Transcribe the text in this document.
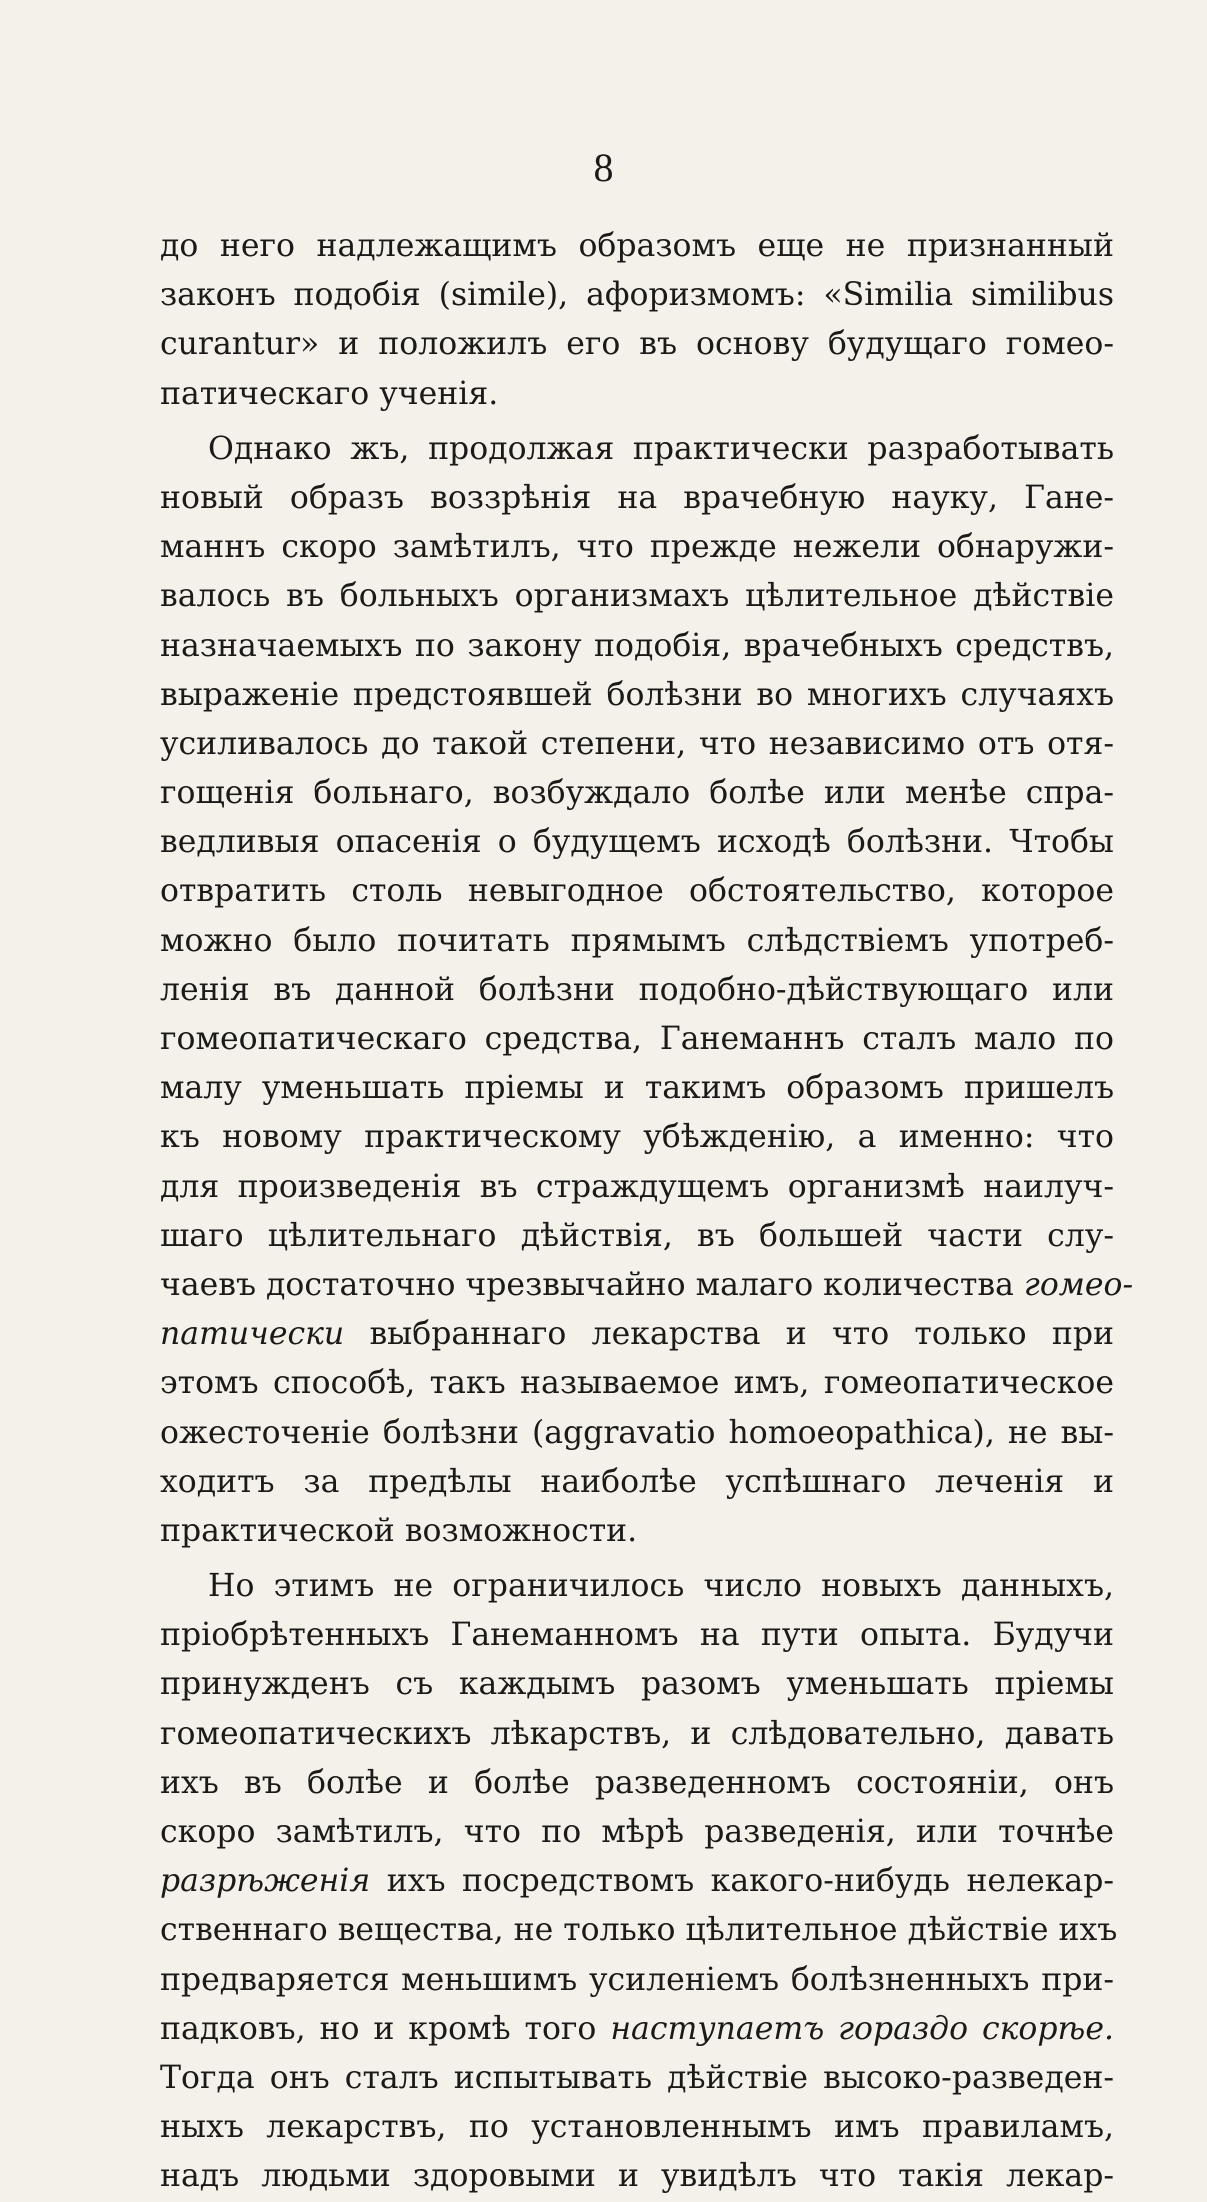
8
до него надлежащимъ образомъ еще не признанный
законъ подобія (simile), афоризмомъ: «Similia similibus
curantur» и положилъ его въ основу будущаго гомео-
патическаго ученія.
Однако жъ, продолжая практически разработывать
новый образъ воззрѣнія на врачебную науку, Гане-
маннъ скоро замѣтилъ, что прежде нежели обнаружи-
валось въ больныхъ организмахъ цѣлительное дѣйствіе
назначаемыхъ по закону подобія, врачебныхъ средствъ,
выраженіе предстоявшей болѣзни во многихъ случаяхъ
усиливалось до такой степени, что независимо отъ отя-
гощенія больнаго, возбуждало болѣе или менѣе спра-
ведливыя опасенія о будущемъ исходѣ болѣзни. Чтобы
отвратить столь невыгодное обстоятельство, которое
можно было почитать прямымъ слѣдствіемъ употреб-
ленія въ данной болѣзни подобно-дѣйствующаго или
гомеопатическаго средства, Ганеманнъ сталъ мало по
малу уменьшать пріемы и такимъ образомъ пришелъ
къ новому практическому убѣжденію, а именно: что
для произведенія въ страждущемъ организмѣ наилуч-
шаго цѣлительнаго дѣйствія, въ большей части слу-
чаевъ достаточно чрезвычайно малаго количества гомео-
патически выбраннаго лекарства и что только при
этомъ способѣ, такъ называемое имъ, гомеопатическое
ожесточеніе болѣзни (aggravatio homoeopathica), не вы-
ходитъ за предѣлы наиболѣе успѣшнаго леченія и
практической возможности.
Но этимъ не ограничилось число новыхъ данныхъ,
пріобрѣтенныхъ Ганеманномъ на пути опыта. Будучи
принужденъ съ каждымъ разомъ уменьшать пріемы
гомеопатическихъ лѣкарствъ, и слѣдовательно, давать
ихъ въ болѣе и болѣе разведенномъ состояніи, онъ
скоро замѣтилъ, что по мѣрѣ разведенія, или точнѣе
разрѣженія ихъ посредствомъ какого-нибудь нелекар-
ственнаго вещества, не только цѣлительное дѣйствіе ихъ
предваряется меньшимъ усиленіемъ болѣзненныхъ при-
падковъ, но и кромѣ того наступаетъ гораздо скорѣе.
Тогда онъ сталъ испытывать дѣйствіе высоко-разведен-
ныхъ лекарствъ, по установленнымъ имъ правиламъ,
надъ людьми здоровыми и увидѣлъ что такія лекар-
